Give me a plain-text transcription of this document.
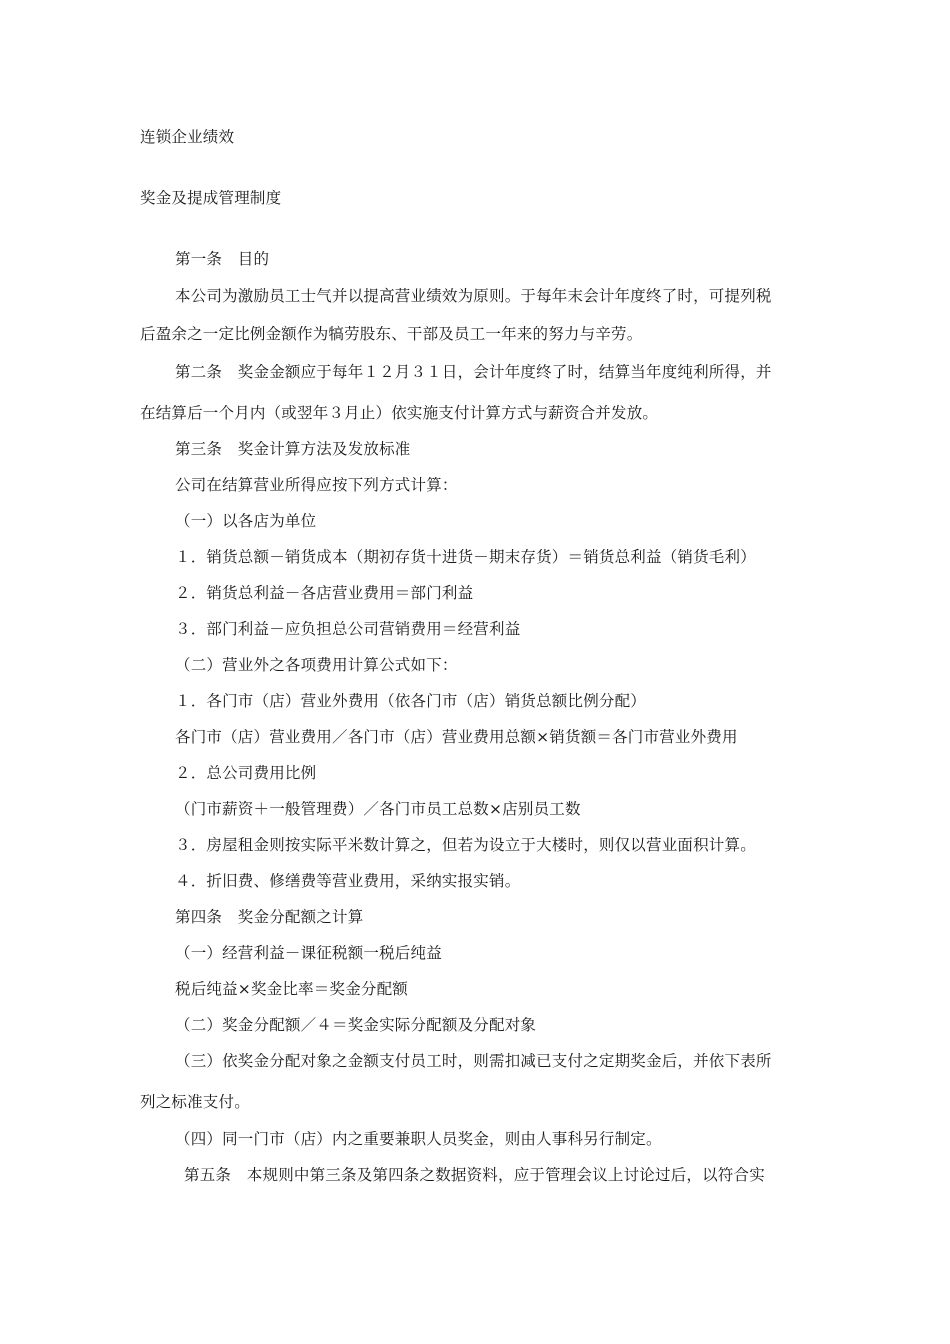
连锁企业绩效
奖金及提成管理制度
第一条　目的
本公司为激励员工士气并以提高营业绩效为原则。于每年末会计年度终了时，可提列税
后盈余之一定比例金额作为犒劳股东、干部及员工一年来的努力与辛劳。
第二条　奖金金额应于每年１２月３１日，会计年度终了时，结算当年度纯利所得，并
在结算后一个月内（或翌年３月止）依实施支付计算方式与薪资合并发放。
第三条　奖金计算方法及发放标准
公司在结算营业所得应按下列方式计算：
（一）以各店为单位
１．销货总额－销货成本（期初存货十进货－期末存货）＝销货总利益（销货毛利）
２．销货总利益－各店营业费用＝部门利益
３．部门利益－应负担总公司营销费用＝经营利益
（二）营业外之各项费用计算公式如下：
１．各门市（店）营业外费用（依各门市（店）销货总额比例分配）
各门市（店）营业费用／各门市（店）营业费用总额×销货额＝各门市营业外费用
２．总公司费用比例
（门市薪资＋一般管理费）／各门市员工总数×店别员工数
３．房屋租金则按实际平米数计算之，但若为设立于大楼时，则仅以营业面积计算。
４．折旧费、修缮费等营业费用，采纳实报实销。
第四条　奖金分配额之计算
（一）经营利益－课征税额一税后纯益
税后纯益×奖金比率＝奖金分配额
（二）奖金分配额／４＝奖金实际分配额及分配对象
（三）依奖金分配对象之金额支付员工时，则需扣减已支付之定期奖金后，并依下表所
列之标准支付。
（四）同一门市（店）内之重要兼职人员奖金，则由人事科另行制定。
第五条　本规则中第三条及第四条之数据资料，应于管理会议上讨论过后，以符合实
